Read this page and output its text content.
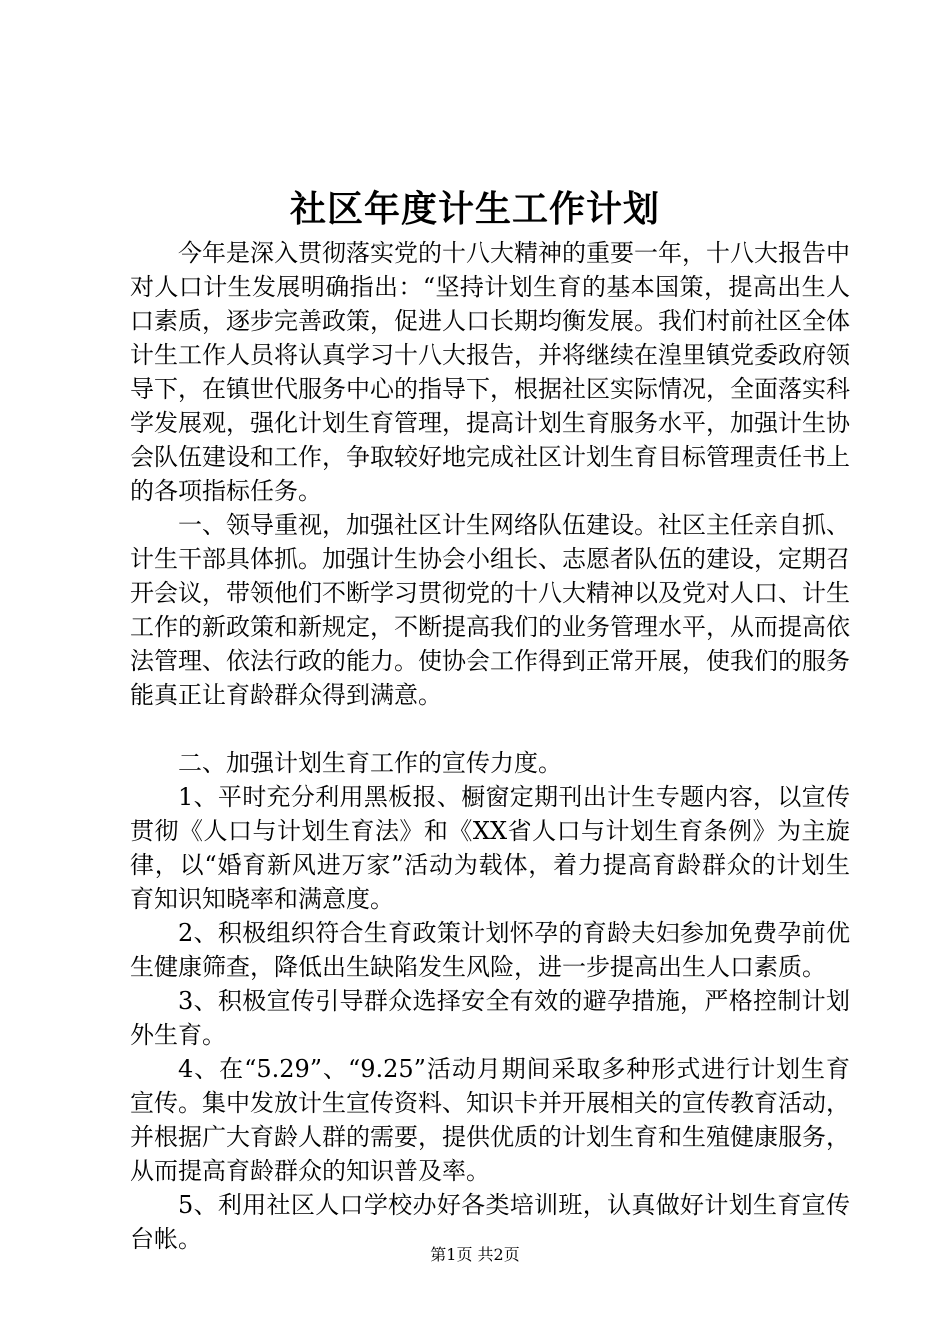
社区年度计生工作计划

今年是深入贯彻落实党的十八大精神的重要一年，十八大报告中对人口计生发展明确指出：“坚持计划生育的基本国策，提高出生人口素质，逐步完善政策，促进人口长期均衡发展。我们村前社区全体计生工作人员将认真学习十八大报告，并将继续在湟里镇党委政府领导下，在镇世代服务中心的指导下，根据社区实际情况，全面落实科学发展观，强化计划生育管理，提高计划生育服务水平，加强计生协会队伍建设和工作，争取较好地完成社区计划生育目标管理责任书上的各项指标任务。

一、领导重视，加强社区计生网络队伍建设。社区主任亲自抓、计生干部具体抓。加强计生协会小组长、志愿者队伍的建设，定期召开会议，带领他们不断学习贯彻党的十八大精神以及党对人口、计生工作的新政策和新规定，不断提高我们的业务管理水平，从而提高依法管理、依法行政的能力。使协会工作得到正常开展，使我们的服务能真正让育龄群众得到满意。

二、加强计划生育工作的宣传力度。

1、平时充分利用黑板报、橱窗定期刊出计生专题内容，以宣传贯彻《人口与计划生育法》和《XX省人口与计划生育条例》为主旋律，以“婚育新风进万家”活动为载体，着力提高育龄群众的计划生育知识知晓率和满意度。

2、积极组织符合生育政策计划怀孕的育龄夫妇参加免费孕前优生健康筛查，降低出生缺陷发生风险，进一步提高出生人口素质。

3、积极宣传引导群众选择安全有效的避孕措施，严格控制计划外生育。

4、在“5.29”、“9.25”活动月期间采取多种形式进行计划生育宣传。集中发放计生宣传资料、知识卡并开展相关的宣传教育活动，并根据广大育龄人群的需要，提供优质的计划生育和生殖健康服务，从而提高育龄群众的知识普及率。

5、利用社区人口学校办好各类培训班，认真做好计划生育宣传台帐。

第1页 共2页
